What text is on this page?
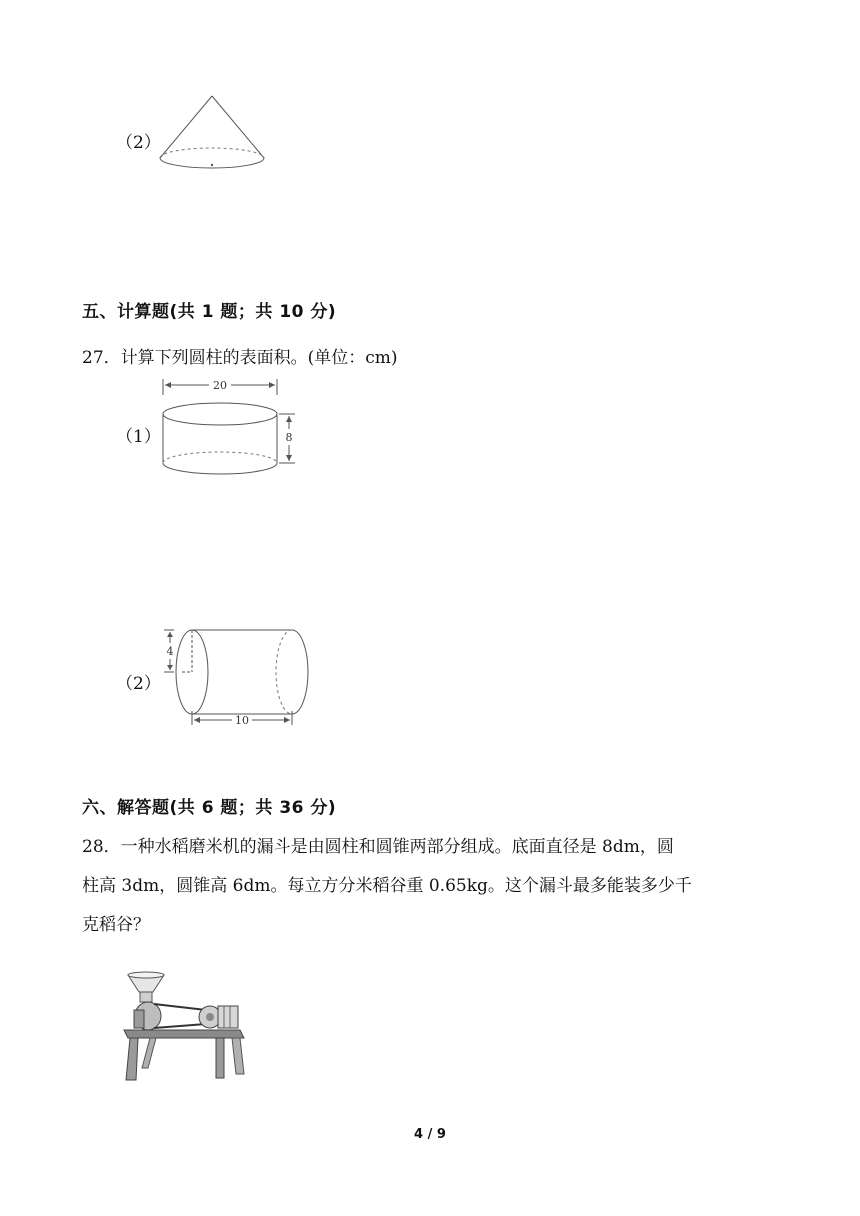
（2）
五、计算题(共 1 题；共 10 分)
27．计算下列圆柱的表面积。(单位：cm)
（1）
20
8
（2）
4
10
六、解答题(共 6 题；共 36 分)
28．一种水稻磨米机的漏斗是由圆柱和圆锥两部分组成。底面直径是 8dm，圆
柱高 3dm，圆锥高 6dm。每立方分米稻谷重 0.65kg。这个漏斗最多能装多少千
克稻谷？
4 / 9
